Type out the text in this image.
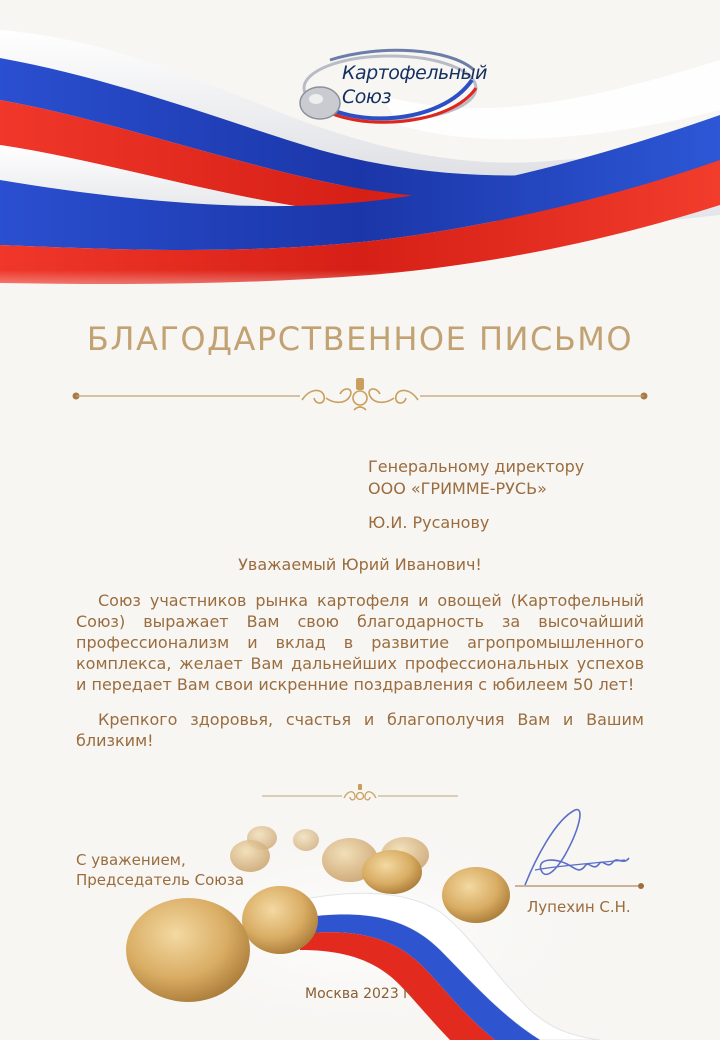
Картофельный
Союз
БЛАГОДАРСТВЕННОЕ ПИСЬМО
Генеральному директору
ООО «ГРИММЕ-РУСЬ»
Ю.И. Русанову
Уважаемый Юрий Иванович!

Союз участников рынка картофеля и овощей (Картофельный Союз) выражает Вам свою благодарность за высочайший профессионализм и вклад в развитие агропромышленного комплекса, желает Вам дальнейших профессиональных успехов и передает Вам свои искренние поздравления с юбилеем 50 лет!

Крепкого здоровья, счастья и благополучия Вам и Вашим близким!

С уважением,
Председатель Союза
Лупехин С.Н.
Москва 2023 г.
